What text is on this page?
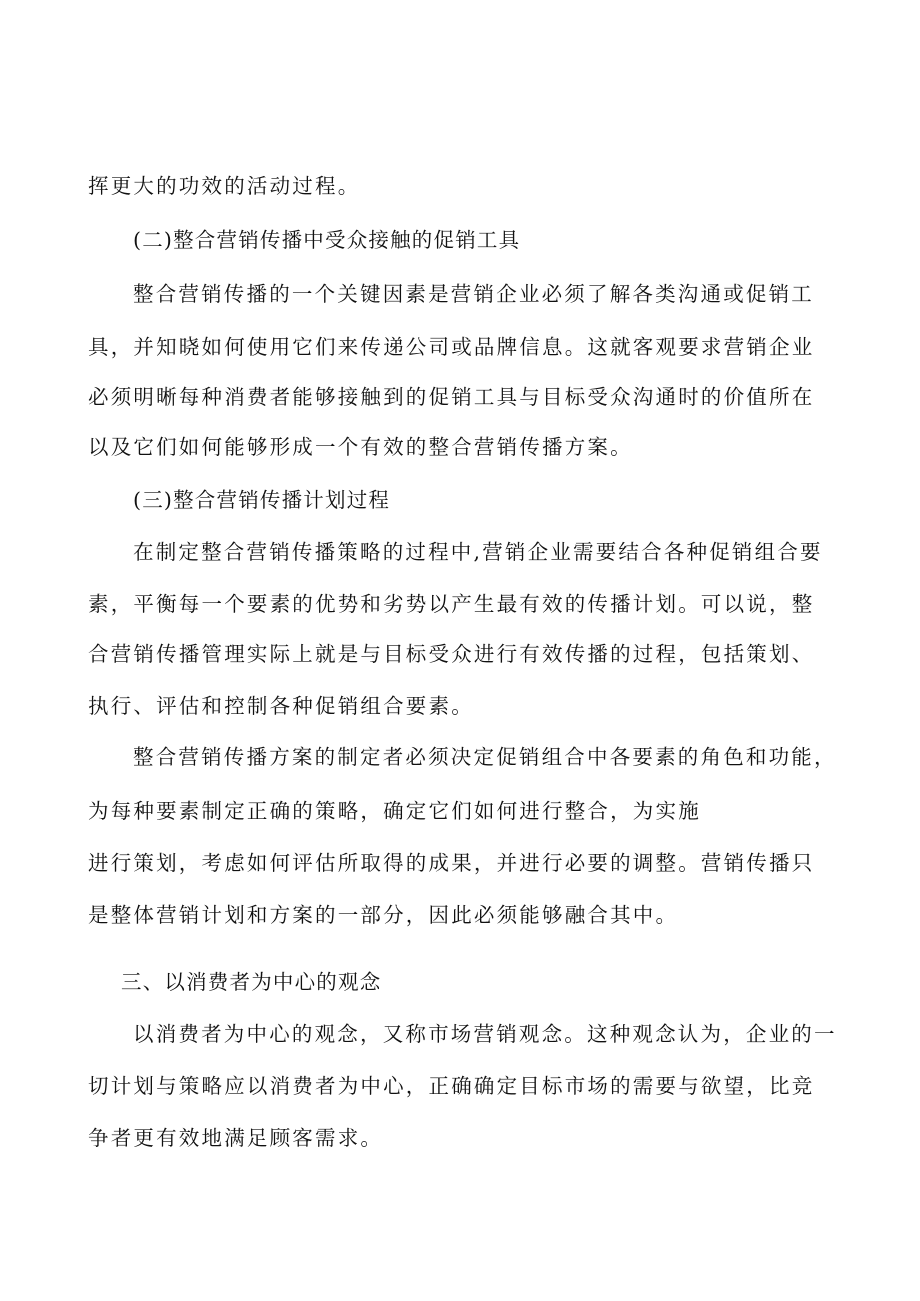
挥更大的功效的活动过程。
(二)整合营销传播中受众接触的促销工具
整合营销传播的一个关键因素是营销企业必须了解各类沟通或促销工
具，并知晓如何使用它们来传递公司或品牌信息。这就客观要求营销企业
必须明晰每种消费者能够接触到的促销工具与目标受众沟通时的价值所在
以及它们如何能够形成一个有效的整合营销传播方案。
(三)整合营销传播计划过程
在制定整合营销传播策略的过程中,营销企业需要结合各种促销组合要
素，平衡每一个要素的优势和劣势以产生最有效的传播计划。可以说，整
合营销传播管理实际上就是与目标受众进行有效传播的过程，包括策划、
执行、评估和控制各种促销组合要素。
整合营销传播方案的制定者必须决定促销组合中各要素的角色和功能，
为每种要素制定正确的策略，确定它们如何进行整合，为实施
进行策划，考虑如何评估所取得的成果，并进行必要的调整。营销传播只
是整体营销计划和方案的一部分，因此必须能够融合其中。
三、以消费者为中心的观念
以消费者为中心的观念，又称市场营销观念。这种观念认为，企业的一
切计划与策略应以消费者为中心，正确确定目标市场的需要与欲望，比竞
争者更有效地满足顾客需求。
